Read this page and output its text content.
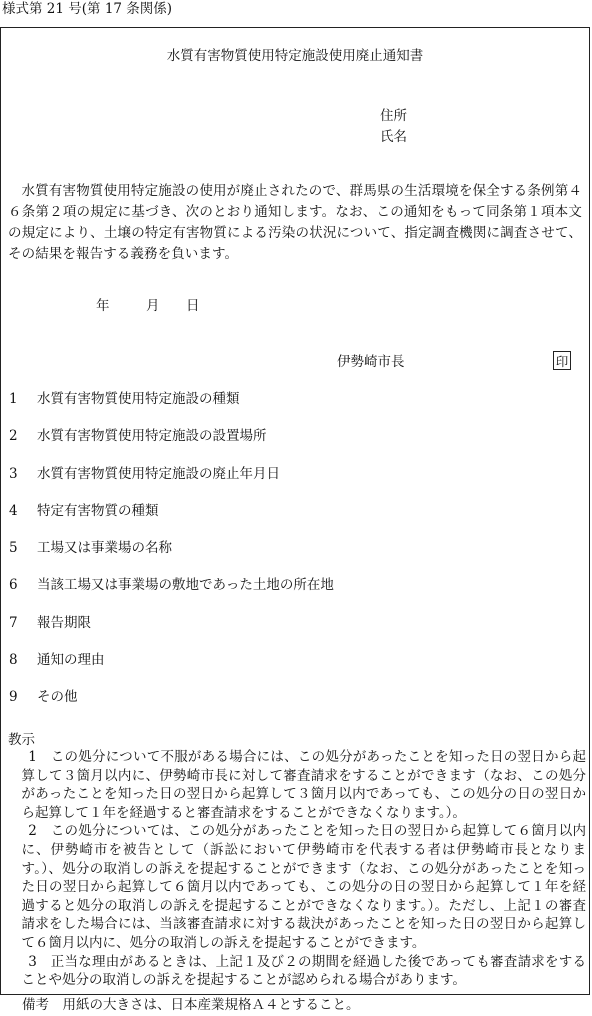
様式第 21 号(第 17 条関係)
水質有害物質使用特定施設使用廃止通知書
住所
氏名
水質有害物質使用特定施設の使用が廃止されたので、群馬県の生活環境を保全する条例第４６条第２項の規定に基づき、次のとおり通知します。なお、この通知をもって同条第１項本文の規定により、土壌の特定有害物質による汚染の状況について、指定調査機関に調査させて、その結果を報告する義務を負います。
年	月 日
伊勢崎市長	印
1	水質有害物質使用特定施設の種類
2	水質有害物質使用特定施設の設置場所
3	水質有害物質使用特定施設の廃止年月日
4	特定有害物質の種類
5	工場又は事業場の名称
6	当該工場又は事業場の敷地であった土地の所在地
7	報告期限
8	通知の理由
9	その他
教示

1　この処分について不服がある場合には、この処分があったことを知った日の翌日から起算して３箇月以内に、伊勢崎市長に対して審査請求をすることができます（なお、この処分があったことを知った日の翌日から起算して３箇月以内であっても、この処分の日の翌日から起算して１年を経過すると審査請求をすることができなくなります。）。

2　この処分については、この処分があったことを知った日の翌日から起算して６箇月以内に、伊勢崎市を被告として（訴訟において伊勢崎市を代表する者は伊勢崎市長となります。）、処分の取消しの訴えを提起することができます（なお、この処分があったことを知った日の翌日から起算して６箇月以内であっても、この処分の日の翌日から起算して１年を経過すると処分の取消しの訴えを提起することができなくなります。）。ただし、上記１の審査請求をした場合には、当該審査請求に対する裁決があったことを知った日の翌日から起算して６箇月以内に、処分の取消しの訴えを提起することができます。

3　正当な理由があるときは、上記１及び２の期間を経過した後であっても審査請求をすることや処分の取消しの訴えを提起することが認められる場合があります。

備考　用紙の大きさは、日本産業規格Ａ４とすること。
